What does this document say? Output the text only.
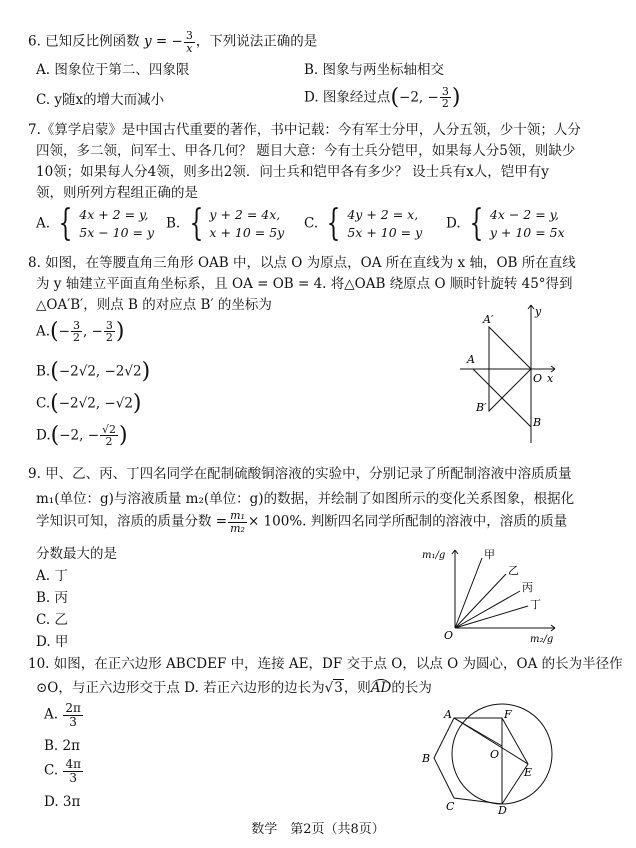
6. 已知反比例函数 y = − $\frac{3}{x}$ ，下列说法正确的是
A. 图象位于第二、四象限	B. 图象与两坐标轴相交
C. y随x的增大而减小	D. 图象经过点(−2, − $\frac{3}{2}$ )
7.《算学启蒙》是中国古代重要的著作，书中记载：今有军士分甲，人分五领，少十领；人分
四领，多二领，问军士、甲各几何？ 题目大意：今有士兵分铠甲，如果每人分5领，则缺少
10领；如果每人分4领，则多出2领．问士兵和铠甲各有多少？ 设士兵有x人，铠甲有y
领，则所列方程组正确的是
A. { 4x + 2 = y,
5x − 10 = y
B. { y + 2 = 4x,
x + 10 = 5y
C. { 4y + 2 = x,
5x + 10 = y
D. { 4x − 2 = y,
y + 10 = 5x
8. 如图，在等腰直角三角形 OAB 中，以点 O 为原点，OA 所在直线为 x 轴，OB 所在直线
为 y 轴建立平面直角坐标系，且 OA = OB = 4. 将△OAB 绕原点 O 顺时针旋转 45°得到
△OA′B′，则点 B 的对应点 B′ 的坐标为
$A.(- \frac{3}{2}$ , − $\frac{3}{2}$ )
B.(−2√2, −2√2)
C.(−2√2, −√2)
D.(−2, − $\frac{√2}{2}$ )
A′
A
O x
y
B′
B
9. 甲、乙、丙、丁四名同学在配制硫酸铜溶液的实验中，分别记录了所配制溶液中溶质质量
m₁(单位：g)与溶液质量 m₂(单位：g)的数据，并绘制了如图所示的变化关系图象，根据化
学知识可知，溶质的质量分数 = $\frac{\text{m₁}}{\text{m₂}} \times 100\%$. 判断四名同学所配制的溶液中，溶质的质量
分数最大的是
A. 丁
B. 丙
C. 乙
D. 甲
m₁/g
m₂/g
O
甲
乙
丙
丁
10. 如图，在正六边形 ABCDEF 中，连接 AE，DF 交于点 O，以点 O 为圆心，OA 的长为半径作
⊙O，与正六边形交于点 D. 若正六边形的边长为√3，则AD的长为
A. $\frac{2\pi}{3}$
B. 2π
C. $\frac{4\pi}{3}$
D. 3π
A	F
B	O
E
C	D
数学　第2页（共8页）
